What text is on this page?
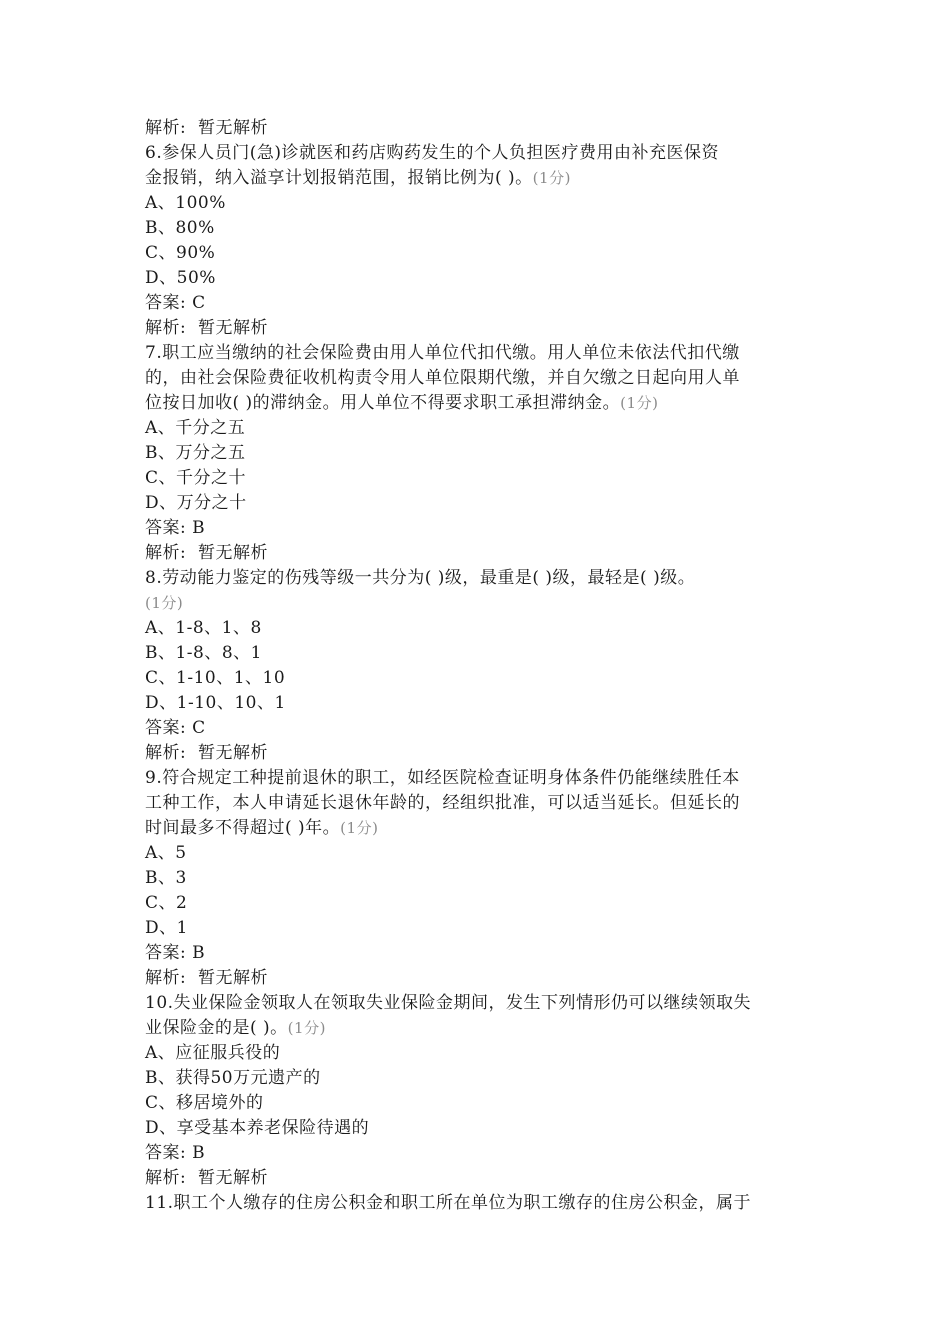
解析:  暂无解析
6.参保人员门(急)诊就医和药店购药发生的个人负担医疗费用由补充医保资
金报销，纳入溢享计划报销范围，报销比例为( )。(1分)
A、100%
B、80%
C、90%
D、50%
答案: C
解析:  暂无解析
7.职工应当缴纳的社会保险费由用人单位代扣代缴。用人单位未依法代扣代缴
的，由社会保险费征收机构责令用人单位限期代缴，并自欠缴之日起向用人单
位按日加收( )的滞纳金。用人单位不得要求职工承担滞纳金。(1分)
A、千分之五
B、万分之五
C、千分之十
D、万分之十
答案: B
解析:  暂无解析
8.劳动能力鉴定的伤残等级一共分为( )级，最重是( )级，最轻是( )级。
(1分)
A、1-8、1、8
B、1-8、8、1
C、1-10、1、10
D、1-10、10、1
答案: C
解析:  暂无解析
9.符合规定工种提前退休的职工，如经医院检查证明身体条件仍能继续胜任本
工种工作，本人申请延长退休年龄的，经组织批准，可以适当延长。但延长的
时间最多不得超过( )年。(1分)
A、5
B、3
C、2
D、1
答案: B
解析:  暂无解析
10.失业保险金领取人在领取失业保险金期间，发生下列情形仍可以继续领取失
业保险金的是( )。(1分)
A、应征服兵役的
B、获得50万元遗产的
C、移居境外的
D、享受基本养老保险待遇的
答案: B
解析:  暂无解析
11.职工个人缴存的住房公积金和职工所在单位为职工缴存的住房公积金，属于
